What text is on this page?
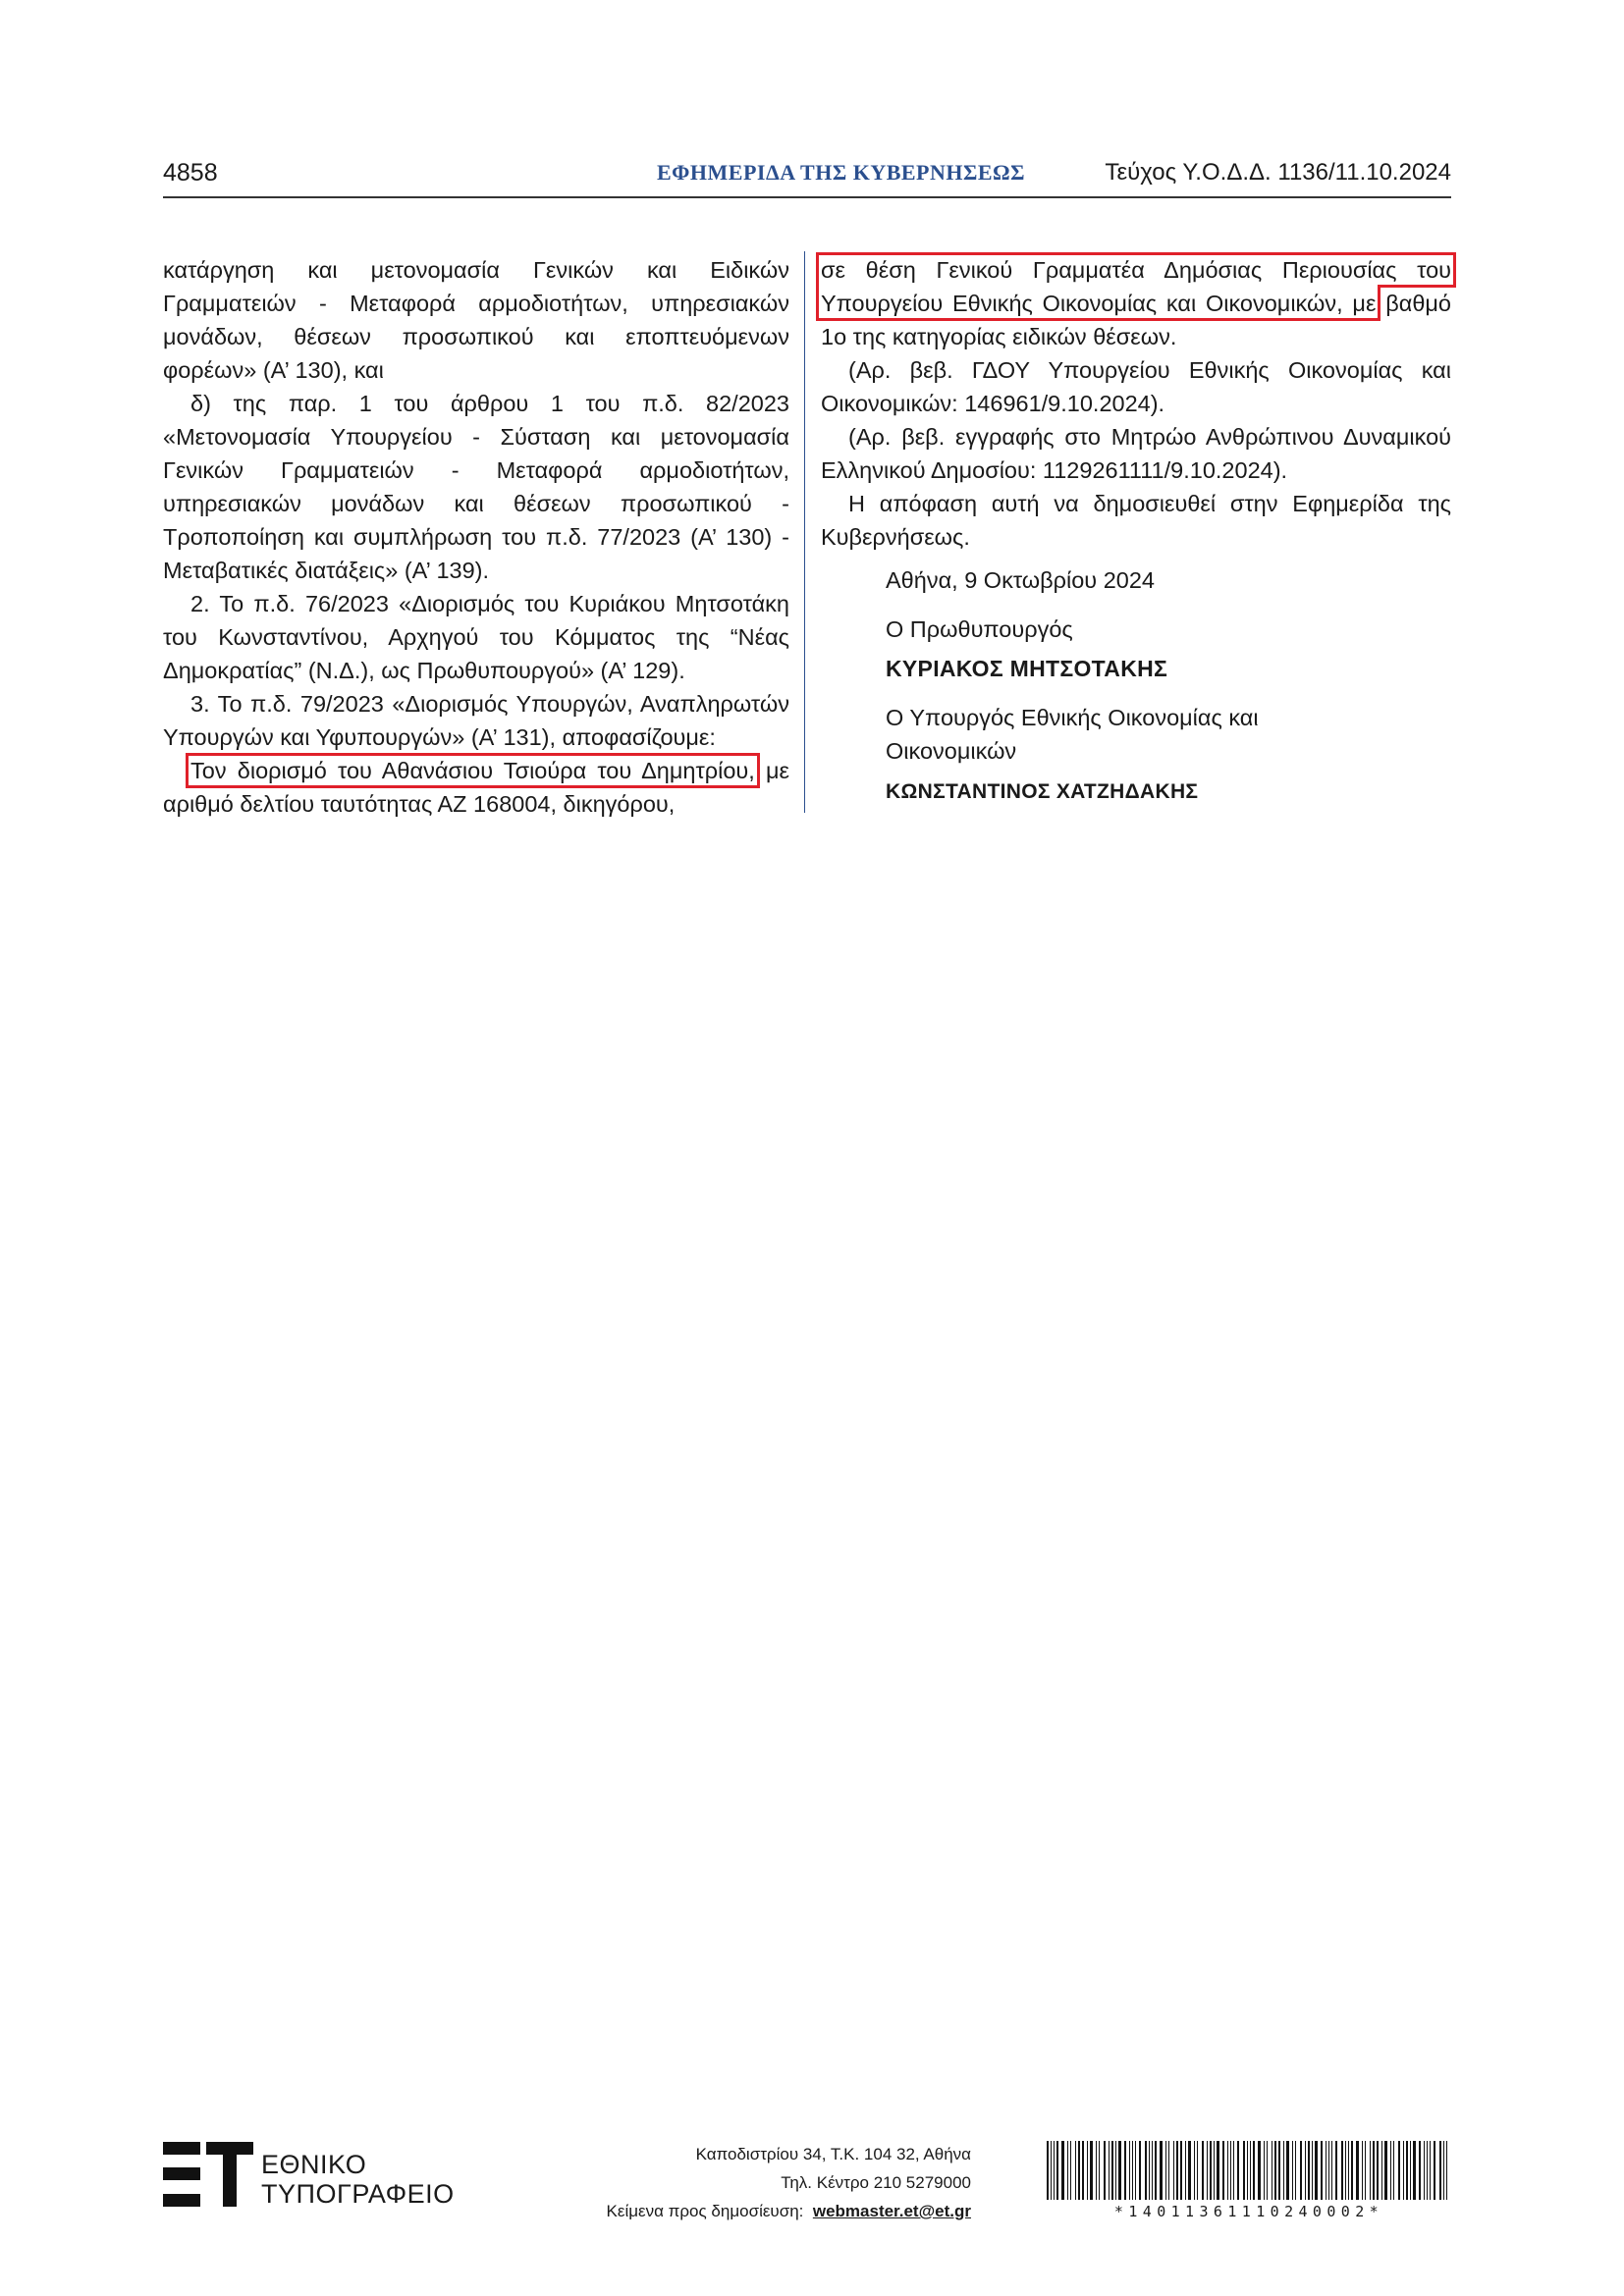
4858	ΕΦΗΜΕΡΙΔΑ ΤΗΣ ΚΥΒΕΡΝΗΣΕΩΣ	Τεύχος Υ.Ο.Δ.Δ. 1136/11.10.2024

κατάργηση και μετονομασία Γενικών και Ειδικών Γραμματειών - Μεταφορά αρμοδιοτήτων, υπηρεσιακών μονάδων, θέσεων προσωπικού και εποπτευόμενων φορέων» (Α’ 130), και

δ) της παρ. 1 του άρθρου 1 του π.δ. 82/2023 «Μετονομασία Υπουργείου - Σύσταση και μετονομασία Γενικών Γραμματειών - Μεταφορά αρμοδιοτήτων, υπηρεσιακών μονάδων και θέσεων προσωπικού - Τροποποίηση και συμπλήρωση του π.δ. 77/2023 (Α’ 130) - Μεταβατικές διατάξεις» (Α’ 139).

2. Το π.δ. 76/2023 «Διορισμός του Κυριάκου Μητσοτάκη του Κωνσταντίνου, Αρχηγού του Κόμματος της “Νέας Δημοκρατίας” (Ν.Δ.), ως Πρωθυπουργού» (Α’ 129).

3. Το π.δ. 79/2023 «Διορισμός Υπουργών, Αναπληρωτών Υπουργών και Υφυπουργών» (Α’ 131), αποφασίζουμε:

Τον διορισμό του Αθανάσιου Τσιούρα του Δημητρίου, με αριθμό δελτίου ταυτότητας ΑΖ 168004, δικηγόρου,

σε θέση Γενικού Γραμματέα Δημόσιας Περιουσίας του Υπουργείου Εθνικής Οικονομίας και Οικονομικών, με βαθμό 1ο της κατηγορίας ειδικών θέσεων.

(Αρ. βεβ. ΓΔΟΥ Υπουργείου Εθνικής Οικονομίας και Οικονομικών: 146961/9.10.2024).

(Αρ. βεβ. εγγραφής στο Μητρώο Ανθρώπινου Δυναμικού Ελληνικού Δημοσίου: 1129261111/9.10.2024).

Η απόφαση αυτή να δημοσιευθεί στην Εφημερίδα της Κυβερνήσεως.

Αθήνα, 9 Οκτωβρίου 2024
Ο Πρωθυπουργός
ΚΥΡΙΑΚΟΣ ΜΗΤΣΟΤΑΚΗΣ
Ο Υπουργός Εθνικής Οικονομίας και Οικονομικών
ΚΩΝΣΤΑΝΤΙΝΟΣ ΧΑΤΖΗΔΑΚΗΣ
ΕΘΝΙΚΟ
ΤΥΠΟΓΡΑΦΕΙΟ
Καποδιστρίου 34, Τ.Κ. 104 32, Αθήνα
Τηλ. Κέντρο 210 5279000
Κείμενα προς δημοσίευση: webmaster.et@et.gr	*14011361110240002*
